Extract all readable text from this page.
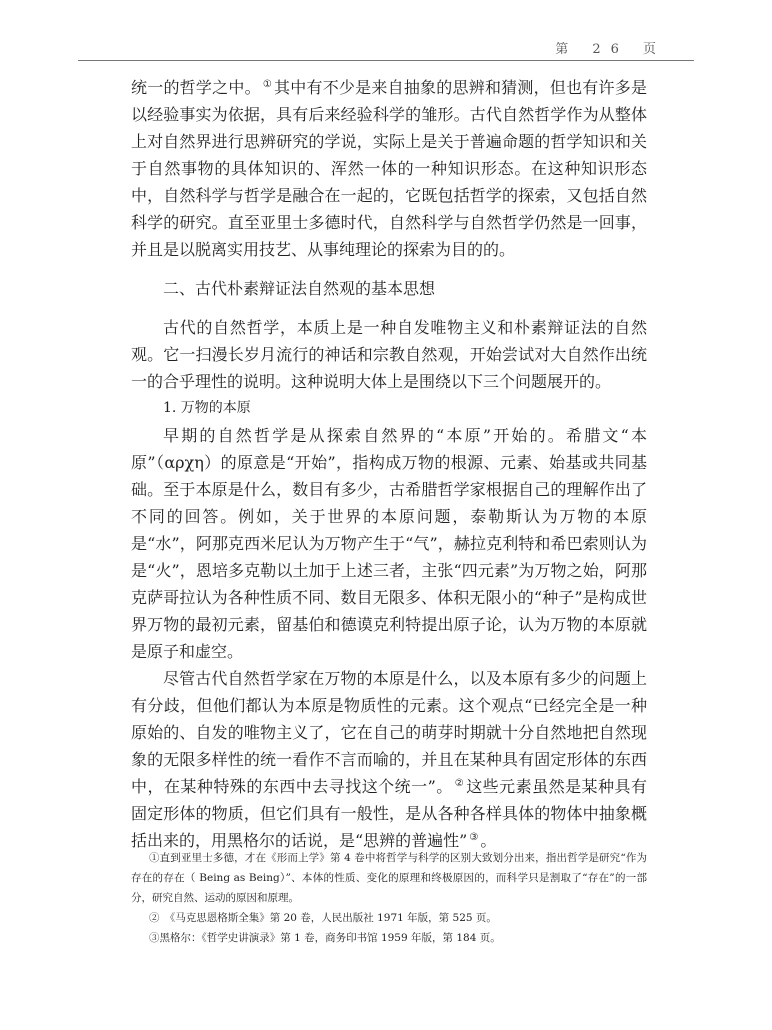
第 26 页

统一的哲学之中。 ① 其中有不少是来自抽象的思辨和猜测，但也有许多是以经验事实为依据，具有后来经验科学的雏形。古代自然哲学作为从整体上对自然界进行思辨研究的学说，实际上是关于普遍命题的哲学知识和关于自然事物的具体知识的、浑然一体的一种知识形态。在这种知识形态中，自然科学与哲学是融合在一起的，它既包括哲学的探索，又包括自然科学的研究。直至亚里士多德时代，自然科学与自然哲学仍然是一回事，并且是以脱离实用技艺、从事纯理论的探索为目的的。

二、古代朴素辩证法自然观的基本思想

古代的自然哲学，本质上是一种自发唯物主义和朴素辩证法的自然观。它一扫漫长岁月流行的神话和宗教自然观，开始尝试对大自然作出统一的合乎理性的说明。这种说明大体上是围绕以下三个问题展开的。

1. 万物的本原

早期的自然哲学是从探索自然界的“本原”开始的。希腊文“本原”（αρχη）的原意是“开始”，指构成万物的根源、元素、始基或共同基础。至于本原是什么，数目有多少，古希腊哲学家根据自己的理解作出了不同的回答。例如，关于世界的本原问题，泰勒斯认为万物的本原是“水”，阿那克西米尼认为万物产生于“气”，赫拉克利特和希巴索则认为是“火”，恩培多克勒以土加于上述三者，主张“四元素”为万物之始，阿那克萨哥拉认为各种性质不同、数目无限多、体积无限小的“种子”是构成世界万物的最初元素，留基伯和德谟克利特提出原子论，认为万物的本原就是原子和虚空。

尽管古代自然哲学家在万物的本原是什么，以及本原有多少的问题上有分歧，但他们都认为本原是物质性的元素。这个观点“已经完全是一种原始的、自发的唯物主义了，它在自己的萌芽时期就十分自然地把自然现象的无限多样性的统一看作不言而喻的，并且在某种具有固定形体的东西中，在某种特殊的东西中去寻找这个统一”。 ② 这些元素虽然是某种具有固定形体的物质，但它们具有一般性，是从各种各样具体的物体中抽象概括出来的，用黑格尔的话说，是“思辨的普遍性” ③ 。

①直到亚里士多德，才在《形而上学》第 4 卷中将哲学与科学的区别大致划分出来，指出哲学是研究“作为存在的存在（ Being as Being）”、本体的性质、变化的原理和终极原因的，而科学只是割取了“存在”的一部分，研究自然、运动的原因和原理。

②　《马克思恩格斯全集》第 20 卷，人民出版社 1971 年版，第 525 页。

③黑格尔：《哲学史讲演录》第 1 卷，商务印书馆 1959 年版，第 184 页。
